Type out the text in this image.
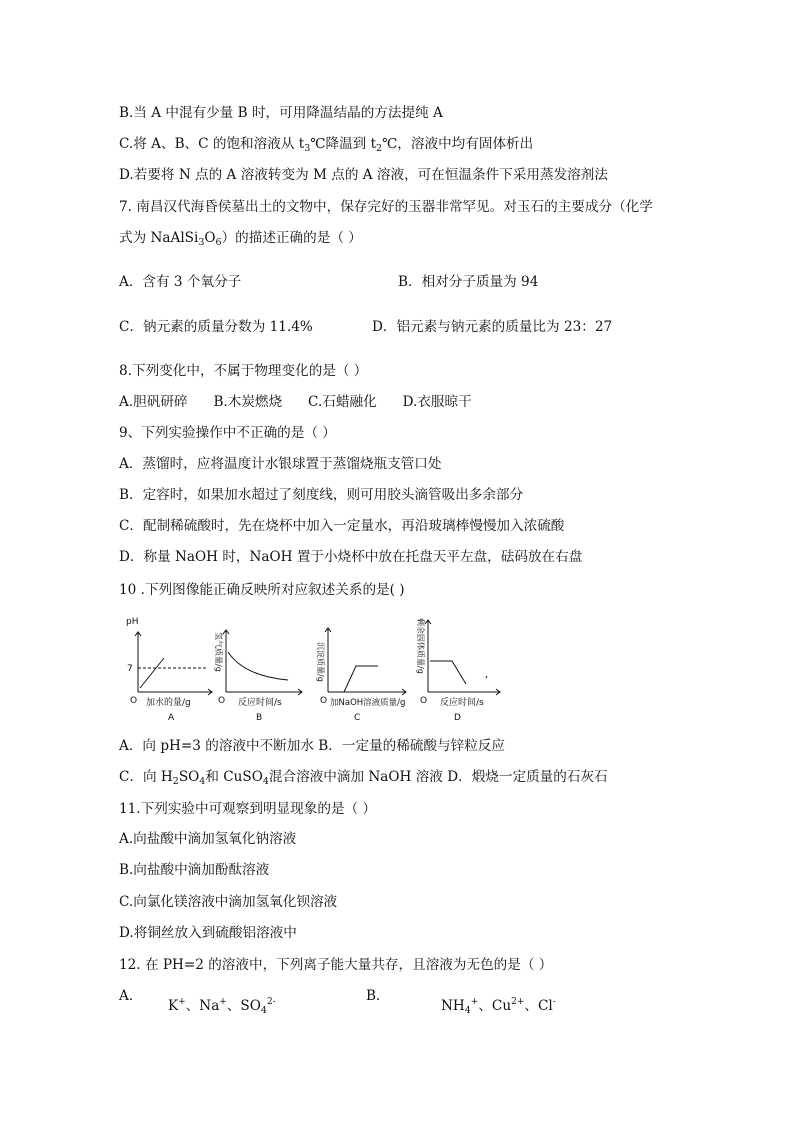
B.当 A 中混有少量 B 时，可用降温结晶的方法提纯 A
C.将 A、B、C 的饱和溶液从 $t_3℃$降温到 $t_2℃$，溶液中均有固体析出
D.若要将 N 点的 A 溶液转变为 M 点的 A 溶液，可在恒温条件下采用蒸发溶剂法
7. 南昌汉代海昏侯墓出土的文物中，保存完好的玉器非常罕见。对玉石的主要成分（化学
式为 $NaAlSi_3O_6$）的描述正确的是（ ）
A．含有 3 个氧分子	B．相对分子质量为 94
C．钠元素的质量分数为 11.4%	D．铝元素与钠元素的质量比为 23：27
8.下列变化中，不属于物理变化的是（ ）
A.胆矾研碎      B.木炭燃烧      C.石蜡融化      D.衣服晾干
9、下列实验操作中不正确的是（ ）
A．蒸馏时，应将温度计水银球置于蒸馏烧瓶支管口处
B．定容时，如果加水超过了刻度线，则可用胶头滴管吸出多余部分
C．配制稀硫酸时，先在烧杯中加入一定量水，再沿玻璃棒慢慢加入浓硫酸
D．称量 NaOH 时，NaOH 置于小烧杯中放在托盘天平左盘，砝码放在右盘
10 .下列图像能正确反映所对应叙述关系的是( )
pH
7
O 加水的量/g
A
氢气质量/g
O 反应时间/s
B
沉淀质量/g
O 加NaOH溶液质量/g
C
剩余固体质量/g
O 反应时间/s
D
A．向 pH=3 的溶液中不断加水 B．一定量的稀硫酸与锌粒反应
C．向 $H_2SO_4$和 CuSO$_4$混合溶液中滴加 NaOH 溶液 D．煅烧一定质量的石灰石
11.下列实验中可观察到明显现象的是（ ）
A.向盐酸中滴加氢氧化钠溶液
B.向盐酸中滴加酚酞溶液
C.向氯化镁溶液中滴加氢氧化钡溶液
D.将铜丝放入到硫酸铝溶液中
12. 在 PH=2 的溶液中，下列离子能大量共存，且溶液为无色的是（ ）
A．
K+、Na+、$SO_4^{2-}$	B．
$NH_4^+$、$Cu^{2+}$、Cl-
